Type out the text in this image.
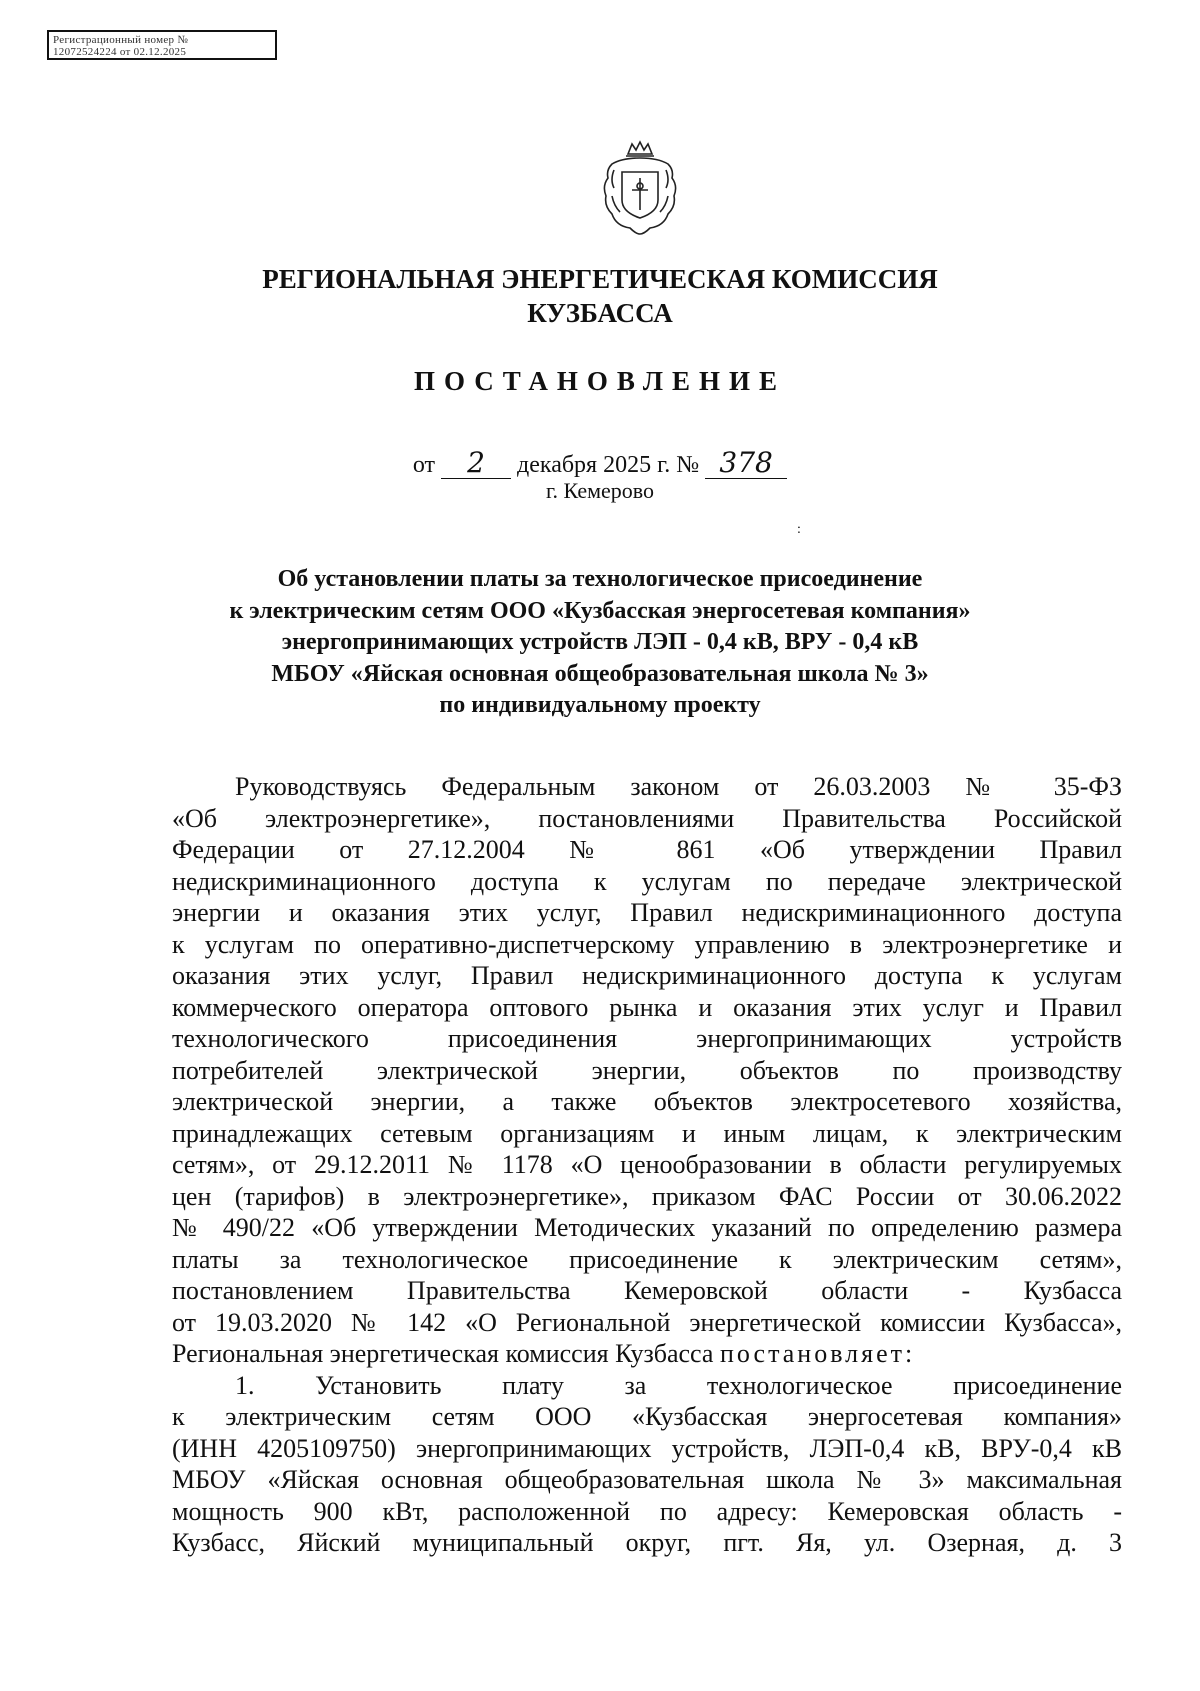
Регистрационный номер №
12072524224 от 02.12.2025
РЕГИОНАЛЬНАЯ ЭНЕРГЕТИЧЕСКАЯ КОМИССИЯ
КУЗБАССА
ПОСТАНОВЛЕНИЕ
от 2 декабря 2025 г. № 378
г. Кемерово
:
Об установлении платы за технологическое присоединение
к электрическим сетям ООО «Кузбасская энергосетевая компания»
энергопринимающих устройств ЛЭП - 0,4 кВ, ВРУ - 0,4 кВ
МБОУ «Яйская основная общеобразовательная школа № 3»
по индивидуальному проекту
Руководствуясь Федеральным законом от 26.03.2003 № 35-ФЗ
«Об электроэнергетике», постановлениями Правительства Российской
Федерации от 27.12.2004 № 861 «Об утверждении Правил
недискриминационного доступа к услугам по передаче электрической
энергии и оказания этих услуг, Правил недискриминационного доступа
к услугам по оперативно-диспетчерскому управлению в электроэнергетике и
оказания этих услуг, Правил недискриминационного доступа к услугам
коммерческого оператора оптового рынка и оказания этих услуг и Правил
технологического присоединения энергопринимающих устройств
потребителей электрической энергии, объектов по производству
электрической энергии, а также объектов электросетевого хозяйства,
принадлежащих сетевым организациям и иным лицам, к электрическим
сетям», от 29.12.2011 № 1178 «О ценообразовании в области регулируемых
цен (тарифов) в электроэнергетике», приказом ФАС России от 30.06.2022
№ 490/22 «Об утверждении Методических указаний по определению размера
платы за технологическое присоединение к электрическим сетям»,
постановлением Правительства Кемеровской области - Кузбасса
от 19.03.2020 № 142 «О Региональной энергетической комиссии Кузбасса»,
Региональная энергетическая комиссия Кузбасса постановляет:
1. Установить плату за технологическое присоединение
к электрическим сетям ООО «Кузбасская энергосетевая компания»
(ИНН 4205109750) энергопринимающих устройств, ЛЭП-0,4 кВ, ВРУ-0,4 кВ
МБОУ «Яйская основная общеобразовательная школа № 3» максимальная
мощность 900 кВт, расположенной по адресу: Кемеровская область -
Кузбасс, Яйский муниципальный округ, пгт. Яя, ул. Озерная, д. 3
